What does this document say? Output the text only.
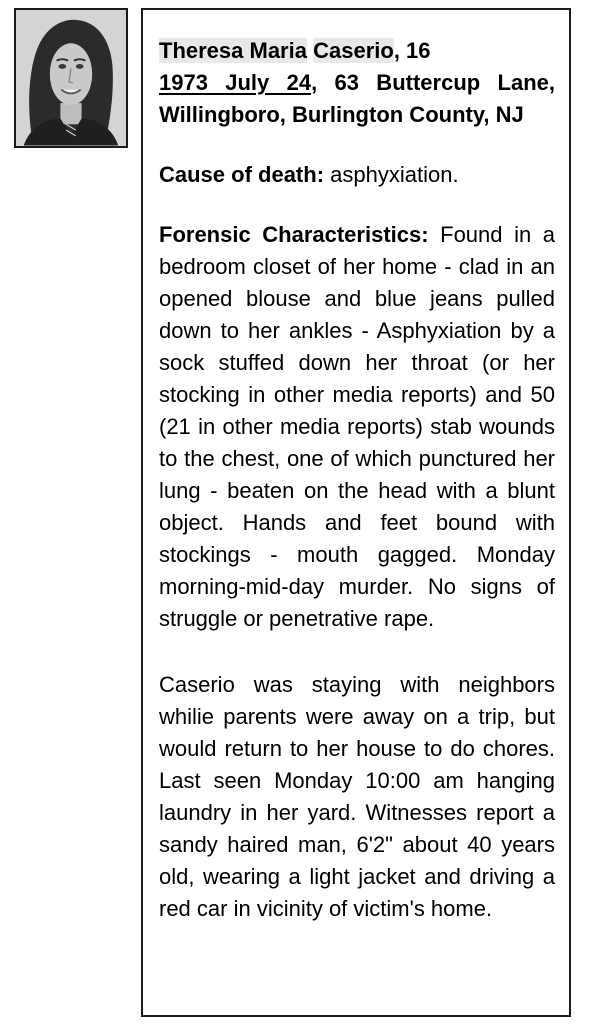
Theresa Maria Caserio, 16
1973 July 24, 63 Buttercup Lane, Willingboro, Burlington County, NJ

Cause of death: asphyxiation.

Forensic Characteristics: Found in a bedroom closet of her home - clad in an opened blouse and blue jeans pulled down to her ankles - Asphyxiation by a sock stuffed down her throat (or her stocking in other media reports) and 50 (21 in other media reports) stab wounds to the chest, one of which punctured her lung - beaten on the head with a blunt object. Hands and feet bound with stockings - mouth gagged. Monday morning-mid-day murder. No signs of struggle or penetrative rape.

Caserio was staying with neighbors whilie parents were away on a trip, but would return to her house to do chores. Last seen Monday 10:00 am hanging laundry in her yard. Witnesses report a sandy haired man, 6'2" about 40 years old, wearing a light jacket and driving a red car in vicinity of victim's home.
